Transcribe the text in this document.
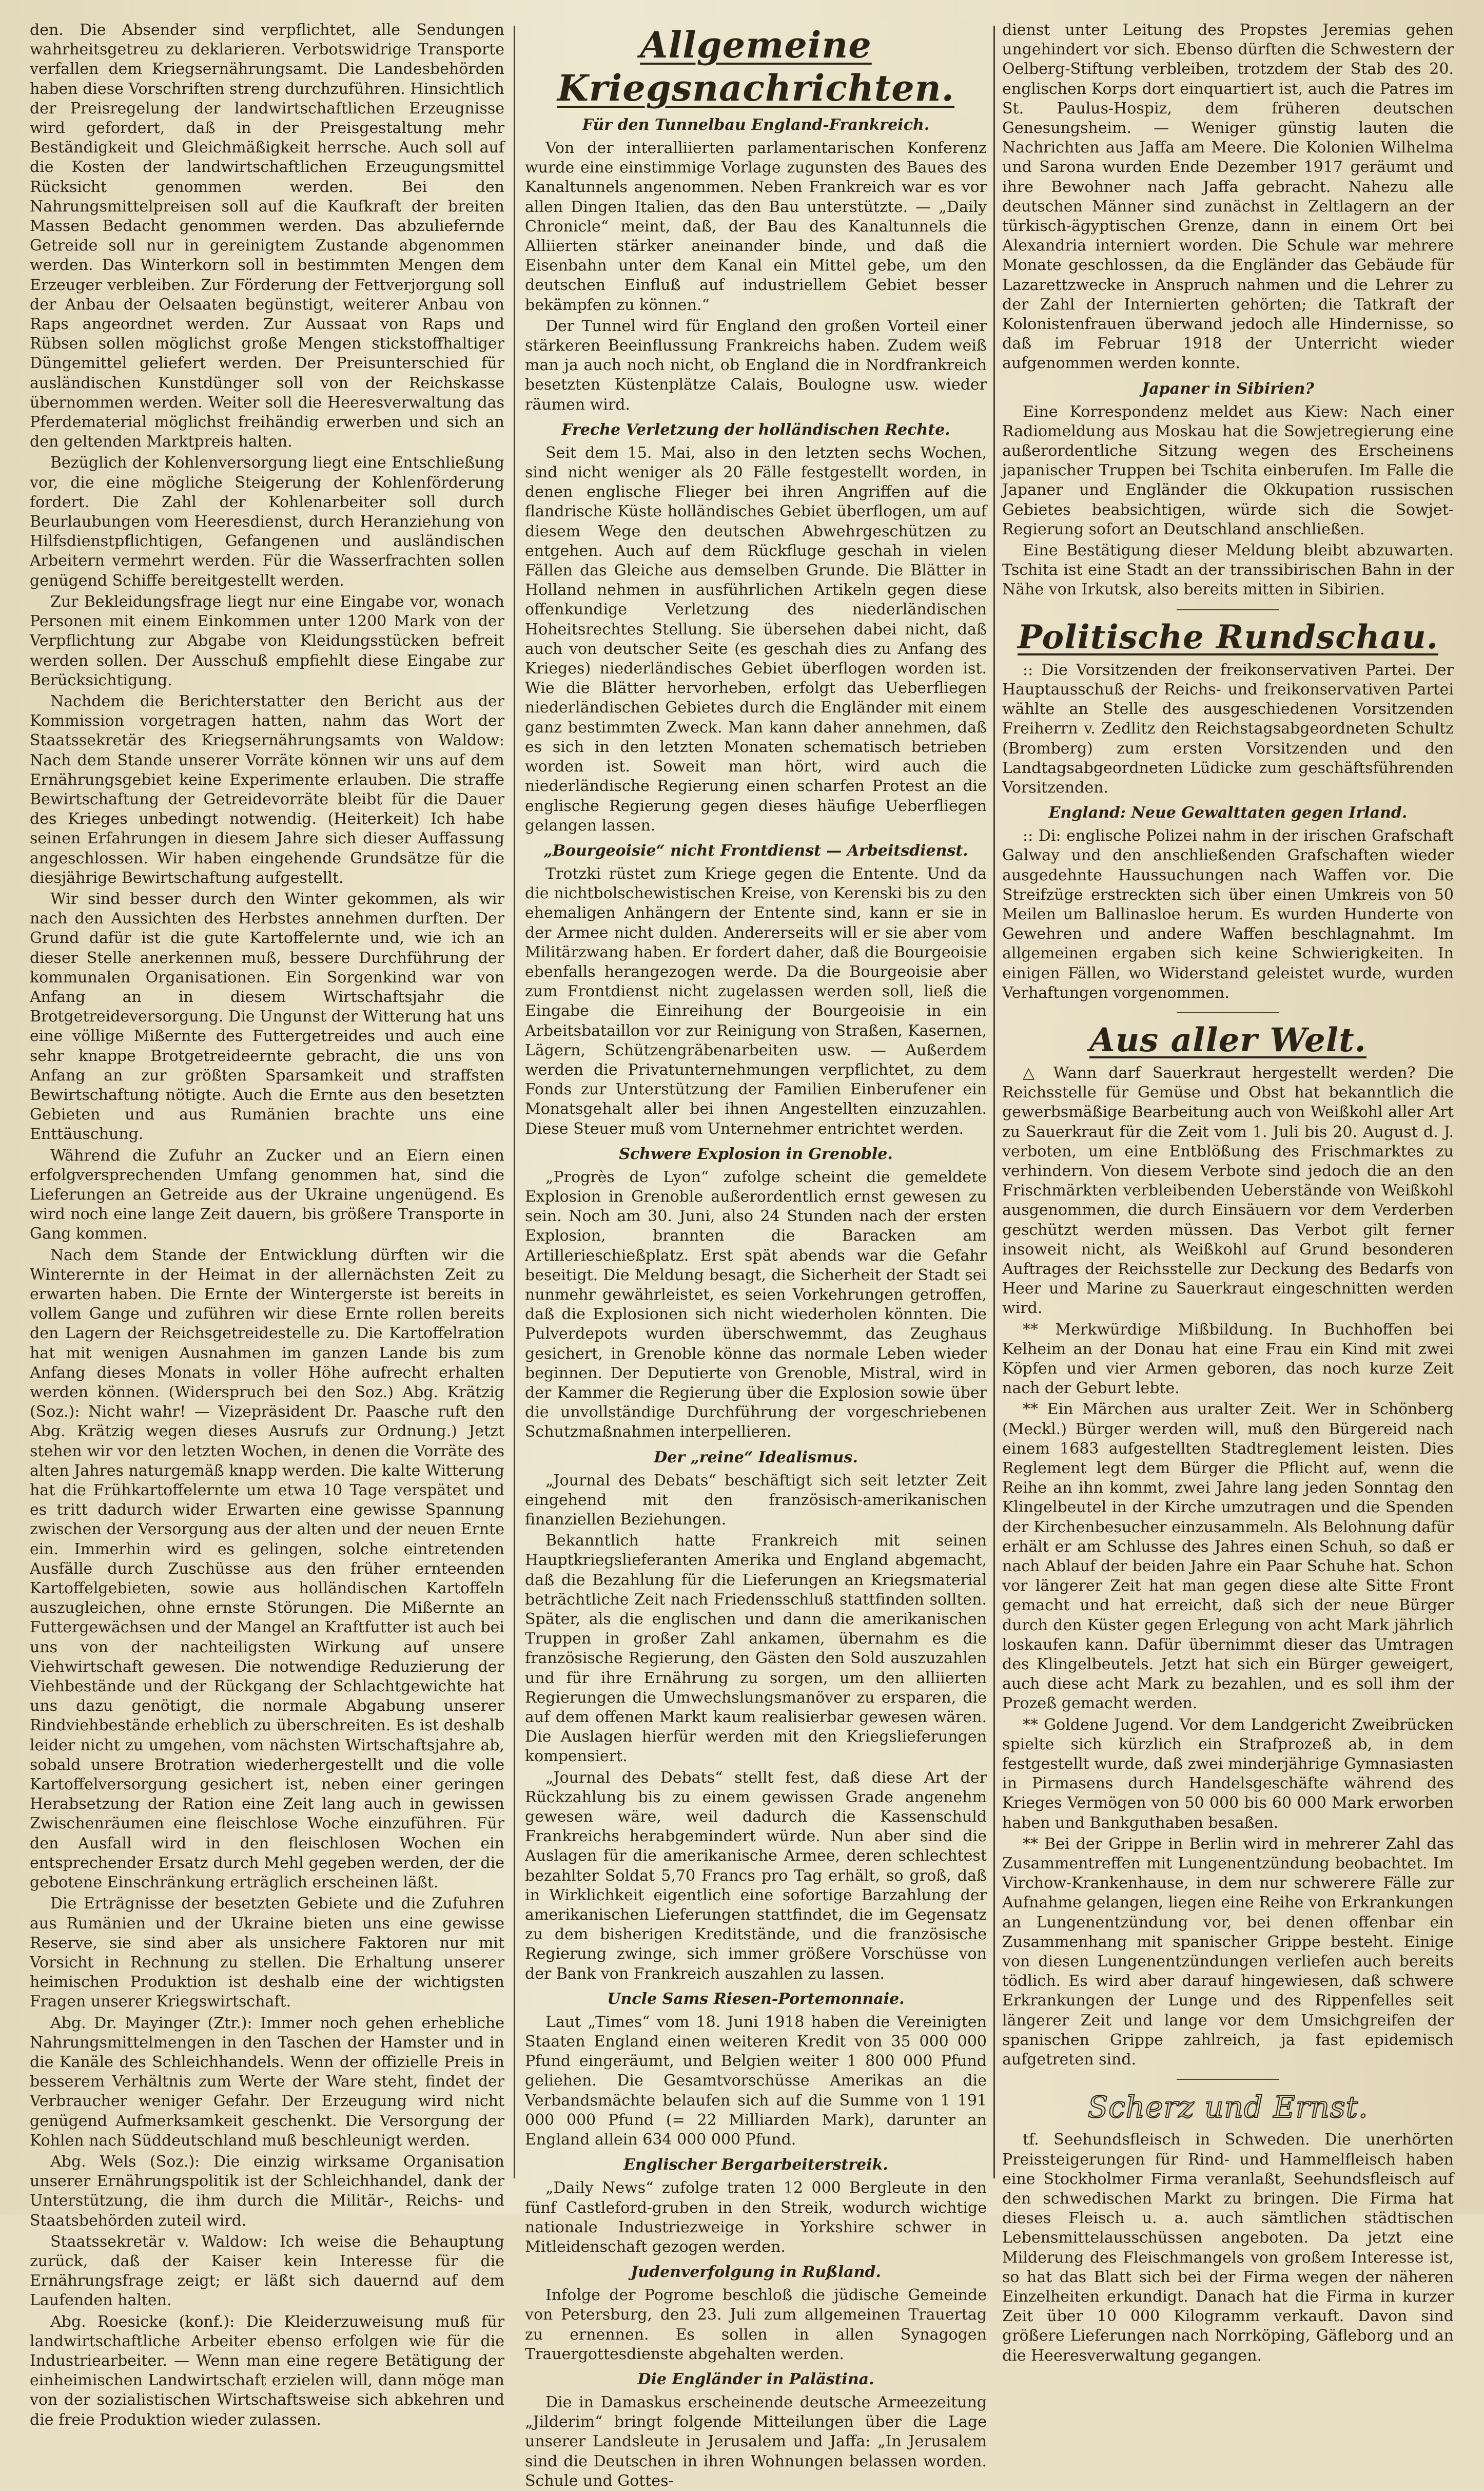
den. Die Absender sind verpflichtet, alle Sendungen wahrheitsgetreu zu deklarieren. Verbotswidrige Transporte verfallen dem Kriegsernährungsamt. Die Landesbehörden haben diese Vorschriften streng durchzuführen. Hinsichtlich der Preisregelung der landwirtschaftlichen Erzeugnisse wird gefordert, daß in der Preisgestaltung mehr Beständigkeit und Gleichmäßigkeit herrsche. Auch soll auf die Kosten der landwirtschaftlichen Erzeugungsmittel Rücksicht genommen werden. Bei den Nahrungsmittelpreisen soll auf die Kaufkraft der breiten Massen Bedacht genommen werden. Das abzuliefernde Getreide soll nur in gereinigtem Zustande abgenommen werden. Das Winterkorn soll in bestimmten Mengen dem Erzeuger verbleiben. Zur Förderung der Fettverjorgung soll der Anbau der Oelsaaten begünstigt, weiterer Anbau von Raps angeordnet werden. Zur Aussaat von Raps und Rübsen sollen möglichst große Mengen stickstoffhaltiger Düngemittel geliefert werden. Der Preisunterschied für ausländischen Kunstdünger soll von der Reichskasse übernommen werden. Weiter soll die Heeresverwaltung das Pferdematerial möglichst freihändig erwerben und sich an den geltenden Marktpreis halten.

Bezüglich der Kohlenversorgung liegt eine Entschließung vor, die eine mögliche Steigerung der Kohlenförderung fordert. Die Zahl der Kohlenarbeiter soll durch Beurlaubungen vom Heeresdienst, durch Heranziehung von Hilfsdienstpflichtigen, Gefangenen und ausländischen Arbeitern vermehrt werden. Für die Wasserfrachten sollen genügend Schiffe bereitgestellt werden.

Zur Bekleidungsfrage liegt nur eine Eingabe vor, wonach Personen mit einem Einkommen unter 1200 Mark von der Verpflichtung zur Abgabe von Kleidungsstücken befreit werden sollen. Der Ausschuß empfiehlt diese Eingabe zur Berücksichtigung.

Nachdem die Berichterstatter den Bericht aus der Kommission vorgetragen hatten, nahm das Wort der Staatssekretär des Kriegsernährungsamts von Waldow: Nach dem Stande unserer Vorräte können wir uns auf dem Ernährungsgebiet keine Experimente erlauben. Die straffe Bewirtschaftung der Getreidevorräte bleibt für die Dauer des Krieges unbedingt notwendig. (Heiterkeit) Ich habe seinen Erfahrungen in diesem Jahre sich dieser Auffassung angeschlossen. Wir haben eingehende Grundsätze für die diesjährige Bewirtschaftung aufgestellt.

Wir sind besser durch den Winter gekommen, als wir nach den Aussichten des Herbstes annehmen durften. Der Grund dafür ist die gute Kartoffelernte und, wie ich an dieser Stelle anerkennen muß, bessere Durchführung der kommunalen Organisationen. Ein Sorgenkind war von Anfang an in diesem Wirtschaftsjahr die Brotgetreideversorgung. Die Ungunst der Witterung hat uns eine völlige Mißernte des Futtergetreides und auch eine sehr knappe Brotgetreideernte gebracht, die uns von Anfang an zur größten Sparsamkeit und straffsten Bewirtschaftung nötigte. Auch die Ernte aus den besetzten Gebieten und aus Rumänien brachte uns eine Enttäuschung.

Während die Zufuhr an Zucker und an Eiern einen erfolgversprechenden Umfang genommen hat, sind die Lieferungen an Getreide aus der Ukraine ungenügend. Es wird noch eine lange Zeit dauern, bis größere Transporte in Gang kommen.

Nach dem Stande der Entwicklung dürften wir die Winterernte in der Heimat in der allernächsten Zeit zu erwarten haben. Die Ernte der Wintergerste ist bereits in vollem Gange und zuführen wir diese Ernte rollen bereits den Lagern der Reichsgetreidestelle zu. Die Kartoffelration hat mit wenigen Ausnahmen im ganzen Lande bis zum Anfang dieses Monats in voller Höhe aufrecht erhalten werden können. (Widerspruch bei den Soz.) Abg. Krätzig (Soz.): Nicht wahr! — Vizepräsident Dr. Paasche ruft den Abg. Krätzig wegen dieses Ausrufs zur Ordnung.) Jetzt stehen wir vor den letzten Wochen, in denen die Vorräte des alten Jahres naturgemäß knapp werden. Die kalte Witterung hat die Frühkartoffelernte um etwa 10 Tage verspätet und es tritt dadurch wider Erwarten eine gewisse Spannung zwischen der Versorgung aus der alten und der neuen Ernte ein. Immerhin wird es gelingen, solche eintretenden Ausfälle durch Zuschüsse aus den früher ernteenden Kartoffelgebieten, sowie aus holländischen Kartoffeln auszugleichen, ohne ernste Störungen. Die Mißernte an Futtergewächsen und der Mangel an Kraftfutter ist auch bei uns von der nachteiligsten Wirkung auf unsere Viehwirtschaft gewesen. Die notwendige Reduzierung der Viehbestände und der Rückgang der Schlachtgewichte hat uns dazu genötigt, die normale Abgabung unserer Rindviehbestände erheblich zu überschreiten. Es ist deshalb leider nicht zu umgehen, vom nächsten Wirtschaftsjahre ab, sobald unsere Brotration wiederhergestellt und die volle Kartoffelversorgung gesichert ist, neben einer geringen Herabsetzung der Ration eine Zeit lang auch in gewissen Zwischenräumen eine fleischlose Woche einzuführen. Für den Ausfall wird in den fleischlosen Wochen ein entsprechender Ersatz durch Mehl gegeben werden, der die gebotene Einschränkung erträglich erscheinen läßt.

Die Erträgnisse der besetzten Gebiete und die Zufuhren aus Rumänien und der Ukraine bieten uns eine gewisse Reserve, sie sind aber als unsichere Faktoren nur mit Vorsicht in Rechnung zu stellen. Die Erhaltung unserer heimischen Produktion ist deshalb eine der wichtigsten Fragen unserer Kriegswirtschaft.

Abg. Dr. Mayinger (Ztr.): Immer noch gehen erhebliche Nahrungsmittelmengen in den Taschen der Hamster und in die Kanäle des Schleichhandels. Wenn der offizielle Preis in besserem Verhältnis zum Werte der Ware steht, findet der Verbraucher weniger Gefahr. Der Erzeugung wird nicht genügend Aufmerksamkeit geschenkt. Die Versorgung der Kohlen nach Süddeutschland muß beschleunigt werden.

Abg. Wels (Soz.): Die einzig wirksame Organisation unserer Ernährungspolitik ist der Schleichhandel, dank der Unterstützung, die ihm durch die Militär-, Reichs- und Staatsbehörden zuteil wird.

Staatssekretär v. Waldow: Ich weise die Behauptung zurück, daß der Kaiser kein Interesse für die Ernährungsfrage zeigt; er läßt sich dauernd auf dem Laufenden halten.

Abg. Roesicke (konf.): Die Kleiderzuweisung muß für landwirtschaftliche Arbeiter ebenso erfolgen wie für die Industriearbeiter. — Wenn man eine regere Betätigung der einheimischen Landwirtschaft erzielen will, dann möge man von der sozialistischen Wirtschaftsweise sich abkehren und die freie Produktion wieder zulassen.

Allgemeine Kriegsnachrichten.
Für den Tunnelbau England-Frankreich.

Von der interalliierten parlamentarischen Konferenz wurde eine einstimmige Vorlage zugunsten des Baues des Kanaltunnels angenommen. Neben Frankreich war es vor allen Dingen Italien, das den Bau unterstützte. — „Daily Chronicle“ meint, daß, der Bau des Kanaltunnels die Alliierten stärker aneinander binde, und daß die Eisenbahn unter dem Kanal ein Mittel gebe, um den deutschen Einfluß auf industriellem Gebiet besser bekämpfen zu können.“

Der Tunnel wird für England den großen Vorteil einer stärkeren Beeinflussung Frankreichs haben. Zudem weiß man ja auch noch nicht, ob England die in Nordfrankreich besetzten Küstenplätze Calais, Boulogne usw. wieder räumen wird.

Freche Verletzung der holländischen Rechte.

Seit dem 15. Mai, also in den letzten sechs Wochen, sind nicht weniger als 20 Fälle festgestellt worden, in denen englische Flieger bei ihren Angriffen auf die flandrische Küste holländisches Gebiet überflogen, um auf diesem Wege den deutschen Abwehrgeschützen zu entgehen. Auch auf dem Rückfluge geschah in vielen Fällen das Gleiche aus demselben Grunde. Die Blätter in Holland nehmen in ausführlichen Artikeln gegen diese offenkundige Verletzung des niederländischen Hoheitsrechtes Stellung. Sie übersehen dabei nicht, daß auch von deutscher Seite (es geschah dies zu Anfang des Krieges) niederländisches Gebiet überflogen worden ist. Wie die Blätter hervorheben, erfolgt das Ueberfliegen niederländischen Gebietes durch die Engländer mit einem ganz bestimmten Zweck. Man kann daher annehmen, daß es sich in den letzten Monaten schematisch betrieben worden ist. Soweit man hört, wird auch die niederländische Regierung einen scharfen Protest an die englische Regierung gegen dieses häufige Ueberfliegen gelangen lassen.

„Bourgeoisie“ nicht Frontdienst — Arbeitsdienst.

Trotzki rüstet zum Kriege gegen die Entente. Und da die nichtbolschewistischen Kreise, von Kerenski bis zu den ehemaligen Anhängern der Entente sind, kann er sie in der Armee nicht dulden. Andererseits will er sie aber vom Militärzwang haben. Er fordert daher, daß die Bourgeoisie ebenfalls herangezogen werde. Da die Bourgeoisie aber zum Frontdienst nicht zugelassen werden soll, ließ die Eingabe die Einreihung der Bourgeoisie in ein Arbeitsbataillon vor zur Reinigung von Straßen, Kasernen, Lägern, Schützengräbenarbeiten usw. — Außerdem werden die Privatunternehmungen verpflichtet, zu dem Fonds zur Unterstützung der Familien Einberufener ein Monatsgehalt aller bei ihnen Angestellten einzuzahlen. Diese Steuer muß vom Unternehmer entrichtet werden.

Schwere Explosion in Grenoble.

„Progrès de Lyon“ zufolge scheint die gemeldete Explosion in Grenoble außerordentlich ernst gewesen zu sein. Noch am 30. Juni, also 24 Stunden nach der ersten Explosion, brannten die Baracken am Artillerieschießplatz. Erst spät abends war die Gefahr beseitigt. Die Meldung besagt, die Sicherheit der Stadt sei nunmehr gewährleistet, es seien Vorkehrungen getroffen, daß die Explosionen sich nicht wiederholen könnten. Die Pulverdepots wurden überschwemmt, das Zeughaus gesichert, in Grenoble könne das normale Leben wieder beginnen. Der Deputierte von Grenoble, Mistral, wird in der Kammer die Regierung über die Explosion sowie über die unvollständige Durchführung der vorgeschriebenen Schutzmaßnahmen interpellieren.

Der „reine“ Idealismus.

„Journal des Debats“ beschäftigt sich seit letzter Zeit eingehend mit den französisch-amerikanischen finanziellen Beziehungen.

Bekanntlich hatte Frankreich mit seinen Hauptkriegslieferanten Amerika und England abgemacht, daß die Bezahlung für die Lieferungen an Kriegsmaterial beträchtliche Zeit nach Friedensschluß stattfinden sollten. Später, als die englischen und dann die amerikanischen Truppen in großer Zahl ankamen, übernahm es die französische Regierung, den Gästen den Sold auszuzahlen und für ihre Ernährung zu sorgen, um den alliierten Regierungen die Umwechslungsmanöver zu ersparen, die auf dem offenen Markt kaum realisierbar gewesen wären. Die Auslagen hierfür werden mit den Kriegslieferungen kompensiert.

„Journal des Debats“ stellt fest, daß diese Art der Rückzahlung bis zu einem gewissen Grade angenehm gewesen wäre, weil dadurch die Kassenschuld Frankreichs herabgemindert würde. Nun aber sind die Auslagen für die amerikanische Armee, deren schlechtest bezahlter Soldat 5,70 Francs pro Tag erhält, so groß, daß in Wirklichkeit eigentlich eine sofortige Barzahlung der amerikanischen Lieferungen stattfindet, die im Gegensatz zu dem bisherigen Kreditstände, und die französische Regierung zwinge, sich immer größere Vorschüsse von der Bank von Frankreich auszahlen zu lassen.

Uncle Sams Riesen-Portemonnaie.

Laut „Times“ vom 18. Juni 1918 haben die Vereinigten Staaten England einen weiteren Kredit von 35 000 000 Pfund eingeräumt, und Belgien weiter 1 800 000 Pfund geliehen. Die Gesamtvorschüsse Amerikas an die Verbandsmächte belaufen sich auf die Summe von 1 191 000 000 Pfund (= 22 Milliarden Mark), darunter an England allein 634 000 000 Pfund.

Englischer Bergarbeiterstreik.

„Daily News“ zufolge traten 12 000 Bergleute in den fünf Castleford-gruben in den Streik, wodurch wichtige nationale Industriezweige in Yorkshire schwer in Mitleidenschaft gezogen werden.

Judenverfolgung in Rußland.

Infolge der Pogrome beschloß die jüdische Gemeinde von Petersburg, den 23. Juli zum allgemeinen Trauertag zu ernennen. Es sollen in allen Synagogen Trauergottesdienste abgehalten werden.

Die Engländer in Palästina.

Die in Damaskus erscheinende deutsche Armeezeitung „Jilderim“ bringt folgende Mitteilungen über die Lage unserer Landsleute in Jerusalem und Jaffa: „In Jerusalem sind die Deutschen in ihren Wohnungen belassen worden. Schule und Gottes-

dienst unter Leitung des Propstes Jeremias gehen ungehindert vor sich. Ebenso dürften die Schwestern der Oelberg-Stiftung verbleiben, trotzdem der Stab des 20. englischen Korps dort einquartiert ist, auch die Patres im St. Paulus-Hospiz, dem früheren deutschen Genesungsheim. — Weniger günstig lauten die Nachrichten aus Jaffa am Meere. Die Kolonien Wilhelma und Sarona wurden Ende Dezember 1917 geräumt und ihre Bewohner nach Jaffa gebracht. Nahezu alle deutschen Männer sind zunächst in Zeltlagern an der türkisch-ägyptischen Grenze, dann in einem Ort bei Alexandria interniert worden. Die Schule war mehrere Monate geschlossen, da die Engländer das Gebäude für Lazarettzwecke in Anspruch nahmen und die Lehrer zu der Zahl der Internierten gehörten; die Tatkraft der Kolonistenfrauen überwand jedoch alle Hindernisse, so daß im Februar 1918 der Unterricht wieder aufgenommen werden konnte.

Japaner in Sibirien?

Eine Korrespondenz meldet aus Kiew: Nach einer Radiomeldung aus Moskau hat die Sowjetregierung eine außerordentliche Sitzung wegen des Erscheinens japanischer Truppen bei Tschita einberufen. Im Falle die Japaner und Engländer die Okkupation russischen Gebietes beabsichtigen, würde sich die Sowjet-Regierung sofort an Deutschland anschließen.

Eine Bestätigung dieser Meldung bleibt abzuwarten. Tschita ist eine Stadt an der transsibirischen Bahn in der Nähe von Irkutsk, also bereits mitten in Sibirien.

Politische Rundschau.

:: Die Vorsitzenden der freikonservativen Partei. Der Hauptausschuß der Reichs- und freikonservativen Partei wählte an Stelle des ausgeschiedenen Vorsitzenden Freiherrn v. Zedlitz den Reichstagsabgeordneten Schultz (Bromberg) zum ersten Vorsitzenden und den Landtagsabgeordneten Lüdicke zum geschäftsführenden Vorsitzenden.

England: Neue Gewalttaten gegen Irland.

:: Di: englische Polizei nahm in der irischen Grafschaft Galway und den anschließenden Grafschaften wieder ausgedehnte Haussuchungen nach Waffen vor. Die Streifzüge erstreckten sich über einen Umkreis von 50 Meilen um Ballinasloe herum. Es wurden Hunderte von Gewehren und andere Waffen beschlagnahmt. Im allgemeinen ergaben sich keine Schwierigkeiten. In einigen Fällen, wo Widerstand geleistet wurde, wurden Verhaftungen vorgenommen.

Aus aller Welt.

△ Wann darf Sauerkraut hergestellt werden? Die Reichsstelle für Gemüse und Obst hat bekanntlich die gewerbsmäßige Bearbeitung auch von Weißkohl aller Art zu Sauerkraut für die Zeit vom 1. Juli bis 20. August d. J. verboten, um eine Entblößung des Frischmarktes zu verhindern. Von diesem Verbote sind jedoch die an den Frischmärkten verbleibenden Ueberstände von Weißkohl ausgenommen, die durch Einsäuern vor dem Verderben geschützt werden müssen. Das Verbot gilt ferner insoweit nicht, als Weißkohl auf Grund besonderen Auftrages der Reichsstelle zur Deckung des Bedarfs von Heer und Marine zu Sauerkraut eingeschnitten werden wird.

** Merkwürdige Mißbildung. In Buchhoffen bei Kelheim an der Donau hat eine Frau ein Kind mit zwei Köpfen und vier Armen geboren, das noch kurze Zeit nach der Geburt lebte.

** Ein Märchen aus uralter Zeit. Wer in Schönberg (Meckl.) Bürger werden will, muß den Bürgereid nach einem 1683 aufgestellten Stadtreglement leisten. Dies Reglement legt dem Bürger die Pflicht auf, wenn die Reihe an ihn kommt, zwei Jahre lang jeden Sonntag den Klingelbeutel in der Kirche umzutragen und die Spenden der Kirchenbesucher einzusammeln. Als Belohnung dafür erhält er am Schlusse des Jahres einen Schuh, so daß er nach Ablauf der beiden Jahre ein Paar Schuhe hat. Schon vor längerer Zeit hat man gegen diese alte Sitte Front gemacht und hat erreicht, daß sich der neue Bürger durch den Küster gegen Erlegung von acht Mark jährlich loskaufen kann. Dafür übernimmt dieser das Umtragen des Klingelbeutels. Jetzt hat sich ein Bürger geweigert, auch diese acht Mark zu bezahlen, und es soll ihm der Prozeß gemacht werden.

** Goldene Jugend. Vor dem Landgericht Zweibrücken spielte sich kürzlich ein Strafprozeß ab, in dem festgestellt wurde, daß zwei minderjährige Gymnasiasten in Pirmasens durch Handelsgeschäfte während des Krieges Vermögen von 50 000 bis 60 000 Mark erworben haben und Bankguthaben besaßen.

** Bei der Grippe in Berlin wird in mehrerer Zahl das Zusammentreffen mit Lungenentzündung beobachtet. Im Virchow-Krankenhause, in dem nur schwerere Fälle zur Aufnahme gelangen, liegen eine Reihe von Erkrankungen an Lungenentzündung vor, bei denen offenbar ein Zusammenhang mit spanischer Grippe besteht. Einige von diesen Lungenentzündungen verliefen auch bereits tödlich. Es wird aber darauf hingewiesen, daß schwere Erkrankungen der Lunge und des Rippenfelles seit längerer Zeit und lange vor dem Umsichgreifen der spanischen Grippe zahlreich, ja fast epidemisch aufgetreten sind.

Scherz und Ernst.

tf. Seehundsfleisch in Schweden. Die unerhörten Preissteigerungen für Rind- und Hammelfleisch haben eine Stockholmer Firma veranlaßt, Seehundsfleisch auf den schwedischen Markt zu bringen. Die Firma hat dieses Fleisch u. a. auch sämtlichen städtischen Lebensmittelausschüssen angeboten. Da jetzt eine Milderung des Fleischmangels von großem Interesse ist, so hat das Blatt sich bei der Firma wegen der näheren Einzelheiten erkundigt. Danach hat die Firma in kurzer Zeit über 10 000 Kilogramm verkauft. Davon sind größere Lieferungen nach Norrköping, Gäfleborg und an die Heeresverwaltung gegangen.
